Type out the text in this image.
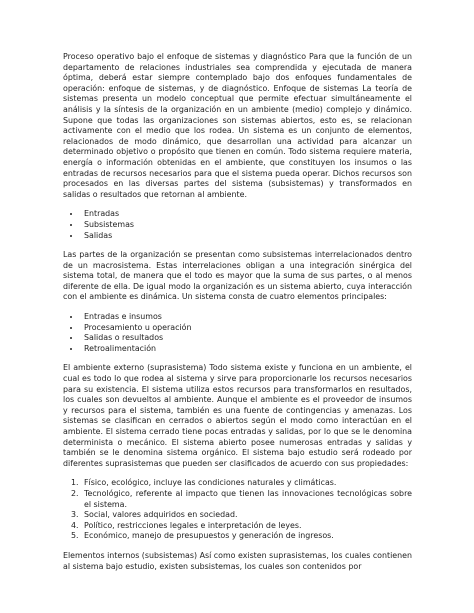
Proceso operativo bajo el enfoque de sistemas y diagnóstico Para que la función de un departamento de relaciones industriales sea comprendida y ejecutada de manera óptima, deberá estar siempre contemplado bajo dos enfoques fundamentales de operación: enfoque de sistemas, y de diagnóstico. Enfoque de sistemas La teoría de sistemas presenta un modelo conceptual que permite efectuar simultáneamente el análisis y la síntesis de la organización en un ambiente (medio) complejo y dinámico. Supone que todas las organizaciones son sistemas abiertos, esto es, se relacionan activamente con el medio que los rodea. Un sistema es un conjunto de elementos, relacionados de modo dinámico, que desarrollan una actividad para alcanzar un determinado objetivo o propósito que tienen en común. Todo sistema requiere materia, energía o información obtenidas en el ambiente, que constituyen los insumos o las entradas de recursos necesarios para que el sistema pueda operar. Dichos recursos son procesados en las diversas partes del sistema (subsistemas) y transformados en salidas o resultados que retornan al ambiente.

• Entradas
• Subsistemas
• Salidas

Las partes de la organización se presentan como subsistemas interrelacionados dentro de un macrosistema. Estas interrelaciones obligan a una integración sinérgica del sistema total, de manera que el todo es mayor que la suma de sus partes, o al menos diferente de ella. De igual modo la organización es un sistema abierto, cuya interacción con el ambiente es dinámica. Un sistema consta de cuatro elementos principales:

• Entradas e insumos
• Procesamiento u operación
• Salidas o resultados
• Retroalimentación

El ambiente externo (suprasistema) Todo sistema existe y funciona en un ambiente, el cual es todo lo que rodea al sistema y sirve para proporcionarle los recursos necesarios para su existencia. El sistema utiliza estos recursos para transformarlos en resultados, los cuales son devueltos al ambiente. Aunque el ambiente es el proveedor de insumos y recursos para el sistema, también es una fuente de contingencias y amenazas. Los sistemas se clasifican en cerrados o abiertos según el modo como interactúan en el ambiente. El sistema cerrado tiene pocas entradas y salidas, por lo que se le denomina determinista o mecánico. El sistema abierto posee numerosas entradas y salidas y también se le denomina sistema orgánico. El sistema bajo estudio será rodeado por diferentes suprasistemas que pueden ser clasificados de acuerdo con sus propiedades:

1. Físico, ecológico, incluye las condiciones naturales y climáticas.
2. Tecnológico, referente al impacto que tienen las innovaciones tecnológicas sobre el sistema.
3. Social, valores adquiridos en sociedad.
4. Político, restricciones legales e interpretación de leyes.
5. Económico, manejo de presupuestos y generación de ingresos.

Elementos internos (subsistemas) Así como existen suprasistemas, los cuales contienen al sistema bajo estudio, existen subsistemas, los cuales son contenidos por
